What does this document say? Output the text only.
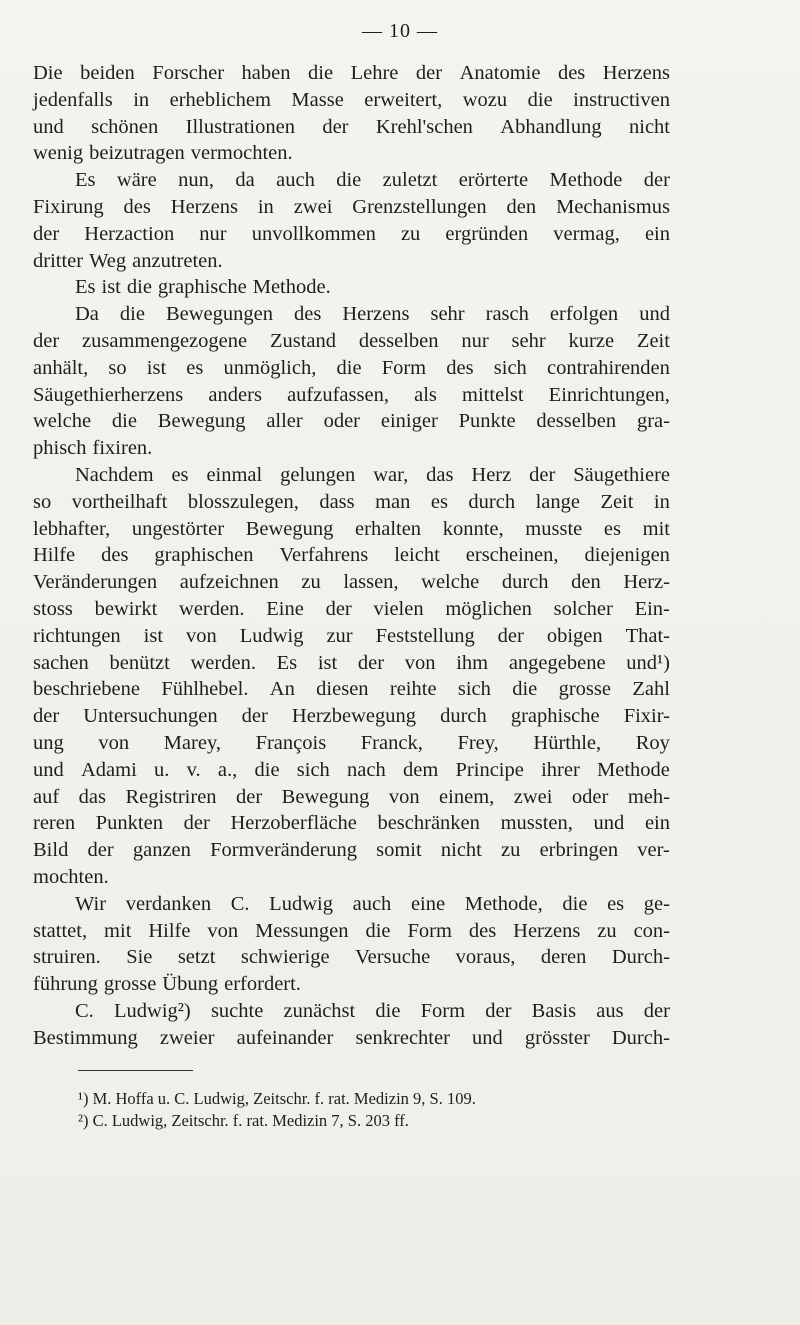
— 10 —
Die beiden Forscher haben die Lehre der Anatomie des Herzens
jedenfalls in erheblichem Masse erweitert, wozu die instructiven
und schönen Illustrationen der Krehl'schen Abhandlung nicht
wenig beizutragen vermochten.
Es wäre nun, da auch die zuletzt erörterte Methode der
Fixirung des Herzens in zwei Grenzstellungen den Mechanismus
der Herzaction nur unvollkommen zu ergründen vermag, ein
dritter Weg anzutreten.
Es ist die graphische Methode.
Da die Bewegungen des Herzens sehr rasch erfolgen und
der zusammengezogene Zustand desselben nur sehr kurze Zeit
anhält, so ist es unmöglich, die Form des sich contrahirenden
Säugethierherzens anders aufzufassen, als mittelst Einrichtungen,
welche die Bewegung aller oder einiger Punkte desselben gra-
phisch fixiren.
Nachdem es einmal gelungen war, das Herz der Säugethiere
so vortheilhaft blosszulegen, dass man es durch lange Zeit in
lebhafter, ungestörter Bewegung erhalten konnte, musste es mit
Hilfe des graphischen Verfahrens leicht erscheinen, diejenigen
Veränderungen aufzeichnen zu lassen, welche durch den Herz-
stoss bewirkt werden. Eine der vielen möglichen solcher Ein-
richtungen ist von Ludwig zur Feststellung der obigen That-
sachen benützt werden. Es ist der von ihm angegebene und¹)
beschriebene Fühlhebel. An diesen reihte sich die grosse Zahl
der Untersuchungen der Herzbewegung durch graphische Fixir-
ung von Marey, François Franck, Frey, Hürthle, Roy
und Adami u. v. a., die sich nach dem Principe ihrer Methode
auf das Registriren der Bewegung von einem, zwei oder meh-
reren Punkten der Herzoberfläche beschränken mussten, und ein
Bild der ganzen Formveränderung somit nicht zu erbringen ver-
mochten.
Wir verdanken C. Ludwig auch eine Methode, die es ge-
stattet, mit Hilfe von Messungen die Form des Herzens zu con-
struiren. Sie setzt schwierige Versuche voraus, deren Durch-
führung grosse Übung erfordert.
C. Ludwig²) suchte zunächst die Form der Basis aus der
Bestimmung zweier aufeinander senkrechter und grösster Durch-
¹) M. Hoffa u. C. Ludwig, Zeitschr. f. rat. Medizin 9, S. 109.
²) C. Ludwig, Zeitschr. f. rat. Medizin 7, S. 203 ff.
